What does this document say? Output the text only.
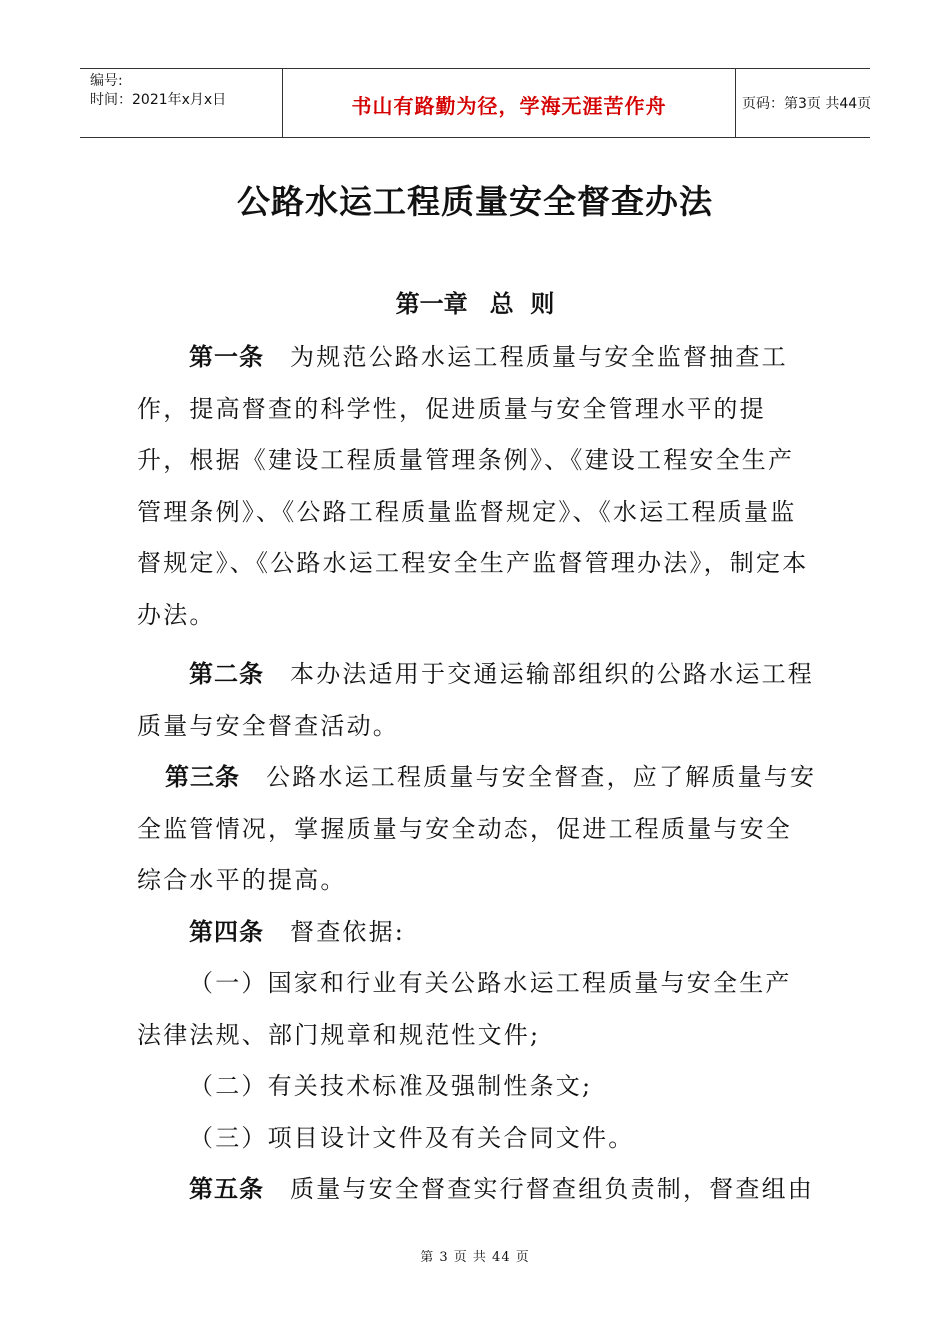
编号:
时间：2021年x月x日	书山有路勤为径，学海无涯苦作舟	页码：第3页 共44页
公路水运工程质量安全督查办法
第一章 总  则

第一条 为规范公路水运工程质量与安全监督抽查工作，提高督查的科学性，促进质量与安全管理水平的提升，根据《建设工程质量管理条例》、《建设工程安全生产管理条例》、《公路工程质量监督规定》、《水运工程质量监督规定》、《公路水运工程安全生产监督管理办法》，制定本办法。

第二条 本办法适用于交通运输部组织的公路水运工程质量与安全督查活动。

第三条 公路水运工程质量与安全督查，应了解质量与安全监管情况，掌握质量与安全动态，促进工程质量与安全综合水平的提高。

第四条 督查依据:

（一）国家和行业有关公路水运工程质量与安全生产法律法规、部门规章和规范性文件;

（二）有关技术标准及强制性条文;

（三）项目设计文件及有关合同文件。

第五条 质量与安全督查实行督查组负责制，督查组由

第 3 页 共 44 页
